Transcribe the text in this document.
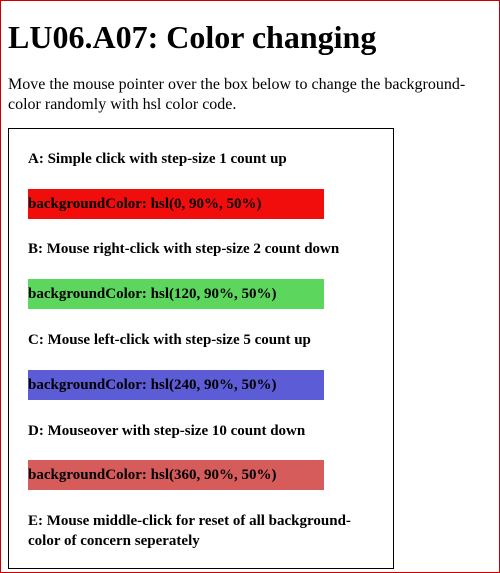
LU06.A07: Color changing

Move the mouse pointer over the box below to change the background-color randomly with hsl color code.

A: Simple click with step-size 1 count up

backgroundColor: hsl(0, 90%, 50%)

B: Mouse right-click with step-size 2 count down

backgroundColor: hsl(120, 90%, 50%)

C: Mouse left-click with step-size 5 count up

backgroundColor: hsl(240, 90%, 50%)

D: Mouseover with step-size 10 count down

backgroundColor: hsl(360, 90%, 50%)

E: Mouse middle-click for reset of all background-color of concern seperately
